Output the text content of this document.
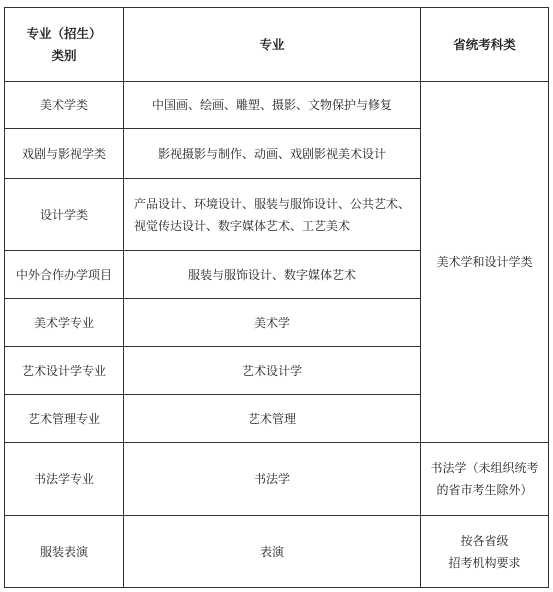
专业（招生）
类别	专业	省统考科类
美术学类	中国画、绘画、雕塑、摄影、文物保护与修复	美术学和设计学类
戏剧与影视学类	影视摄影与制作、动画、戏剧影视美术设计	
设计学类	产品设计、环境设计、服装与服饰设计、公共艺术、
视觉传达设计、数字媒体艺术、工艺美术	

中外合作办学项目	服装与服饰设计、数字媒体艺术	
美术学专业	美术学	
艺术设计学专业	艺术设计学	
艺术管理专业	艺术管理	
书法学专业	书法学	书法学（未组织统考
的省市考生除外）

服装表演	表演	按各省级
招考机构要求
